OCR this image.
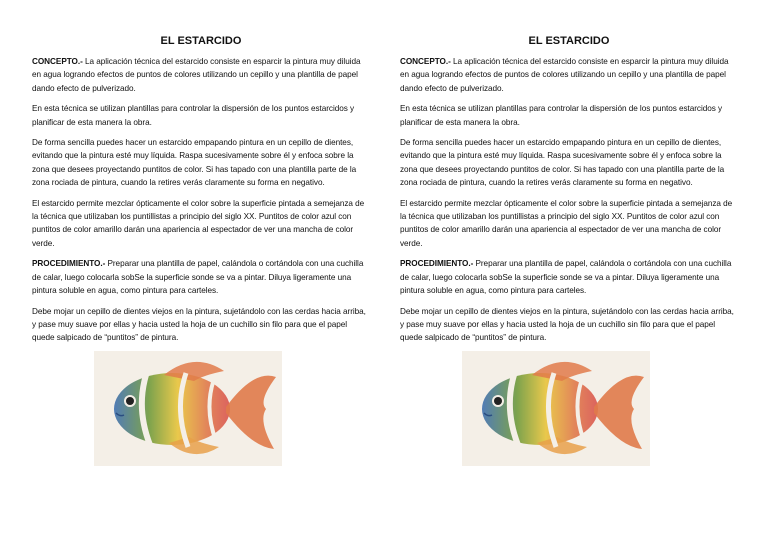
EL ESTARCIDO

CONCEPTO.- La aplicación técnica del estarcido consiste en esparcir la pintura muy diluida en agua logrando efectos de puntos de colores utilizando un cepillo y una plantilla de papel dando efecto de pulverizado.

En esta técnica se utilizan plantillas para controlar la dispersión de los puntos estarcidos y planificar de esta manera la obra.

De forma sencilla puedes hacer un estarcido empapando pintura en un cepillo de dientes, evitando que la pintura esté muy líquida. Raspa sucesivamente sobre él y enfoca sobre la zona que desees proyectando puntitos de color. Si has tapado con una plantilla parte de la zona rociada de pintura, cuando la retires verás claramente su forma en negativo.

El estarcido permite mezclar ópticamente el color sobre la superficie pintada a semejanza de la técnica que utilizaban los puntillistas a principio del siglo XX. Puntitos de color azul con puntitos de color amarillo darán una apariencia al espectador de ver una mancha de color verde.

PROCEDIMIENTO.- Preparar una plantilla de papel, calándola o cortándola con una cuchilla de calar, luego colocarla sobSe la superficie sonde se va a pintar. Diluya ligeramente una pintura soluble en agua, como pintura para carteles.

Debe mojar un cepillo de dientes viejos en la pintura, sujetándolo con las cerdas hacia arriba, y pase muy suave por ellas y hacia usted la hoja de un cuchillo sin filo para que el papel quede salpicado de “puntitos” de pintura.

EL ESTARCIDO

CONCEPTO.- La aplicación técnica del estarcido consiste en esparcir la pintura muy diluida en agua logrando efectos de puntos de colores utilizando un cepillo y una plantilla de papel dando efecto de pulverizado.

En esta técnica se utilizan plantillas para controlar la dispersión de los puntos estarcidos y planificar de esta manera la obra.

De forma sencilla puedes hacer un estarcido empapando pintura en un cepillo de dientes, evitando que la pintura esté muy líquida. Raspa sucesivamente sobre él y enfoca sobre la zona que desees proyectando puntitos de color. Si has tapado con una plantilla parte de la zona rociada de pintura, cuando la retires verás claramente su forma en negativo.

El estarcido permite mezclar ópticamente el color sobre la superficie pintada a semejanza de la técnica que utilizaban los puntillistas a principio del siglo XX. Puntitos de color azul con puntitos de color amarillo darán una apariencia al espectador de ver una mancha de color verde.

PROCEDIMIENTO.- Preparar una plantilla de papel, calándola o cortándola con una cuchilla de calar, luego colocarla sobSe la superficie sonde se va a pintar. Diluya ligeramente una pintura soluble en agua, como pintura para carteles.

Debe mojar un cepillo de dientes viejos en la pintura, sujetándolo con las cerdas hacia arriba, y pase muy suave por ellas y hacia usted la hoja de un cuchillo sin filo para que el papel quede salpicado de “puntitos” de pintura.
